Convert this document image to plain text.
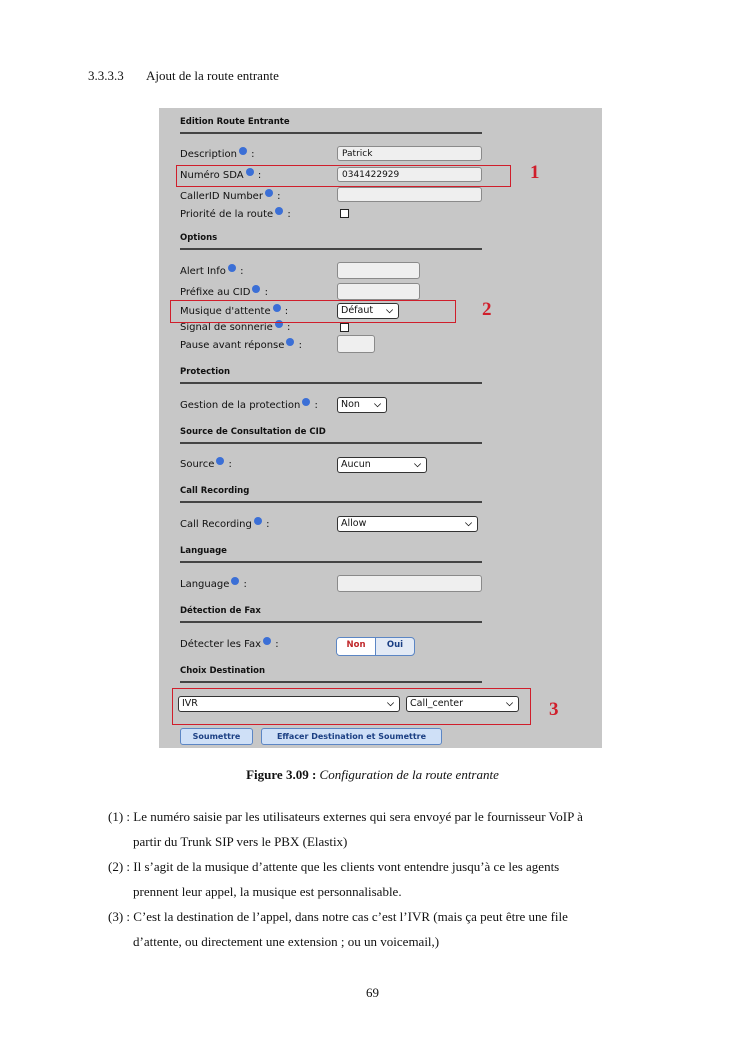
3.3.3.3 Ajout de la route entrante
Edition Route Entrante
Description :	Patrick
Numéro SDA :	0341422929
CallerID Number :
Priorité de la route :
Options
Alert Info :
Préfixe au CID :
Musique d'attente :	Défaut ⌵
Signal de sonnerie :
Pause avant réponse :
Protection
Gestion de la protection :	Non ⌵
Source de Consultation de CID
Source :	Aucun	⌵
Call Recording
Call Recording :	Allow	⌵
Language
Language :
Détection de Fax
Détecter les Fax :	Non	Oui
Choix Destination
IVR	⌵	Call_center	⌵
Soumettre	Effacer Destination et Soumettre
1
2
3
Figure 3.09 : Configuration de la route entrante
(1) : Le numéro saisie par les utilisateurs externes qui sera envoyé par le fournisseur VoIP à
partir du Trunk SIP vers le PBX (Elastix)
(2) : Il s’agit de la musique d’attente que les clients vont entendre jusqu’à ce les agents
prennent leur appel, la musique est personnalisable.
(3) : C’est la destination de l’appel, dans notre cas c’est l’IVR (mais ça peut être une file
d’attente, ou directement une extension ; ou un voicemail,)
69
